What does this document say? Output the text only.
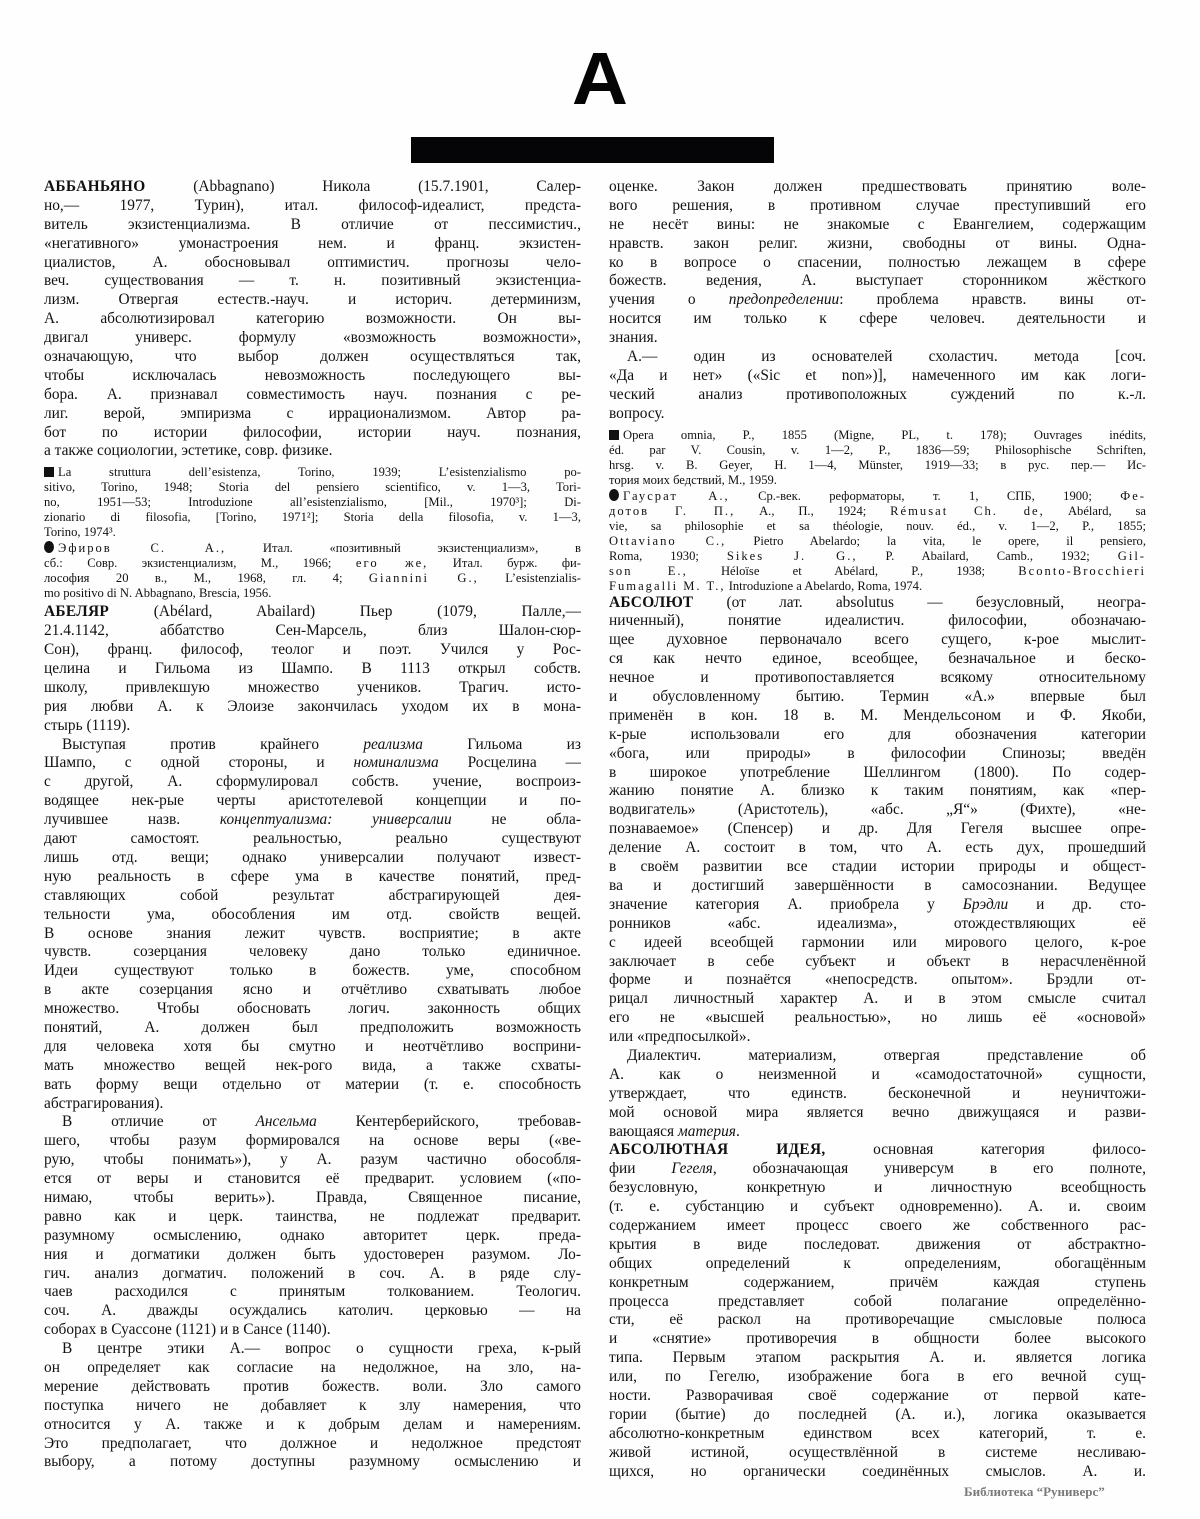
А
АББАНЬЯНО (Abbagnano) Никола (15.7.1901, Салер-
но,— 1977, Турин), итал. философ-идеалист, предста-
витель экзистенциализма. В отличие от пессимистич.,
«негативного» умонастроения нем. и франц. экзистен-
циалистов, А. обосновывал оптимистич. прогнозы чело-
веч. существования — т. н. позитивный экзистенциа-
лизм. Отвергая естеств.-науч. и историч. детерминизм,
А. абсолютизировал категорию возможности. Он вы-
двигал универс. формулу «возможность возможности»,
означающую, что выбор должен осуществляться так,
чтобы исключалась невозможность последующего вы-
бора. А. признавал совместимость науч. познания с ре-
лиг. верой, эмпиризма с иррационализмом. Автор ра-
бот по истории философии, истории науч. познания,
а также социологии, эстетике, совр. физике.
La struttura dell’esistenza, Torino, 1939; L’esistenzialismo po-
sitivo, Torino, 1948; Storia del pensiero scientifico, v. 1—3, Tori-
no, 1951—53; Introduzione all’esistenzialismo, [Mil., 1970³]; Di-
zionario di filosofia, [Torino, 1971²]; Storia della filosofia, v. 1—3,
Torino, 1974³.
Эфиров С. А., Итал. «позитивный экзистенциализм», в
сб.: Совр. экзистенциализм, М., 1966; его же, Итал. бурж. фи-
лософия 20 в., М., 1968, гл. 4; Giannini G., L’esistenzialis-
mo positivo di N. Abbagnano, Brescia, 1956.
АБЕЛЯР (Abélard, Abailard) Пьер (1079, Палле,—
21.4.1142, аббатство Сен-Марсель, близ Шалон-сюр-
Сон), франц. философ, теолог и поэт. Учился у Рос-
целина и Гильома из Шампо. В 1113 открыл собств.
школу, привлекшую множество учеников. Трагич. исто-
рия любви А. к Элоизе закончилась уходом их в мона-
стырь (1119).
Выступая против крайнего реализма Гильома из
Шампо, с одной стороны, и номинализма Росцелина —
с другой, А. сформулировал собств. учение, воспроиз-
водящее нек-рые черты аристотелевой концепции и по-
лучившее назв. концептуализма: универсалии не обла-
дают самостоят. реальностью, реально существуют
лишь отд. вещи; однако универсалии получают извест-
ную реальность в сфере ума в качестве понятий, пред-
ставляющих собой результат абстрагирующей дея-
тельности ума, обособления им отд. свойств вещей.
В основе знания лежит чувств. восприятие; в акте
чувств. созерцания человеку дано только единичное.
Идеи существуют только в божеств. уме, способном
в акте созерцания ясно и отчётливо схватывать любое
множество. Чтобы обосновать логич. законность общих
понятий, А. должен был предположить возможность
для человека хотя бы смутно и неотчётливо восприни-
мать множество вещей нек-рого вида, а также схваты-
вать форму вещи отдельно от материи (т. е. способность
абстрагирования).
В отличие от Ансельма Кентерберийского, требовав-
шего, чтобы разум формировался на основе веры («ве-
рую, чтобы понимать»), у А. разум частично обособля-
ется от веры и становится её предварит. условием («по-
нимаю, чтобы верить»). Правда, Священное писание,
равно как и церк. таинства, не подлежат предварит.
разумному осмыслению, однако авторитет церк. преда-
ния и догматики должен быть удостоверен разумом. Ло-
гич. анализ догматич. положений в соч. А. в ряде слу-
чаев расходился с принятым толкованием. Теологич.
соч. А. дважды осуждались католич. церковью — на
соборах в Суассоне (1121) и в Сансе (1140).
В центре этики А.— вопрос о сущности греха, к-рый
он определяет как согласие на недолжное, на зло, на-
мерение действовать против божеств. воли. Зло самого
поступка ничего не добавляет к злу намерения, что
относится у А. также и к добрым делам и намерениям.
Это предполагает, что должное и недолжное предстоят
выбору, а потому доступны разумному осмыслению и
оценке. Закон должен предшествовать принятию воле-
вого решения, в противном случае преступивший его
не несёт вины: не знакомые с Евангелием, содержащим
нравств. закон религ. жизни, свободны от вины. Одна-
ко в вопросе о спасении, полностью лежащем в сфере
божеств. ведения, А. выступает сторонником жёсткого
учения о предопределении: проблема нравств. вины от-
носится им только к сфере человеч. деятельности и
знания.
А.— один из основателей схоластич. метода [соч.
«Да и нет» («Sic et non»)], намеченного им как логи-
ческий анализ противоположных суждений по к.-л.
вопросу.
Opera omnia, P., 1855 (Migne, PL, t. 178); Ouvrages inédits,
éd. par V. Cousin, v. 1—2, P., 1836—59; Philosophische Schriften,
hrsg. v. B. Geyer, H. 1—4, Münster, 1919—33; в рус. пер.— Ис-
тория моих бедствий, М., 1959.
Гаусрат А., Ср.-век. реформаторы, т. 1, СПБ, 1900; Фе-
дотов Г. П., А., П., 1924; Rémusat Ch. de, Abélard, sa
vie, sa philosophie et sa théologie, nouv. éd., v. 1—2, P., 1855;
Ottaviano C., Pietro Abelardo; la vita, le opere, il pensiero,
Roma, 1930; Sikes J. G., P. Abailard, Camb., 1932; Gil-
son E., Héloïse et Abélard, P., 1938; Bconto-Brocchieri
Fumagalli M. T., Introduzione a Abelardo, Roma, 1974.
АБСОЛЮТ (от лат. absolutus — безусловный, неогра-
ниченный), понятие идеалистич. философии, обозначаю-
щее духовное первоначало всего сущего, к-рое мыслит-
ся как нечто единое, всеобщее, безначальное и беско-
нечное и противопоставляется всякому относительному
и обусловленному бытию. Термин «А.» впервые был
применён в кон. 18 в. М. Мендельсоном и Ф. Якоби,
к-рые использовали его для обозначения категории
«бога, или природы» в философии Спинозы; введён
в широкое употребление Шеллингом (1800). По содер-
жанию понятие А. близко к таким понятиям, как «пер-
водвигатель» (Аристотель), «абс. „Я“» (Фихте), «не-
познаваемое» (Спенсер) и др. Для Гегеля высшее опре-
деление А. состоит в том, что А. есть дух, прошедший
в своём развитии все стадии истории природы и общест-
ва и достигший завершённости в самосознании. Ведущее
значение категория А. приобрела у Брэдли и др. сто-
ронников «абс. идеализма», отождествляющих её
с идеей всеобщей гармонии или мирового целого, к-рое
заключает в себе субъект и объект в нерасчленённой
форме и познаётся «непосредств. опытом». Брэдли от-
рицал личностный характер А. и в этом смысле считал
его не «высшей реальностью», но лишь её «основой»
или «предпосылкой».
Диалектич. материализм, отвергая представление об
А. как о неизменной и «самодостаточной» сущности,
утверждает, что единств. бесконечной и неуничтожи-
мой основой мира является вечно движущаяся и разви-
вающаяся материя.
АБСОЛЮТНАЯ ИДЕЯ, основная категория филосо-
фии Гегеля, обозначающая универсум в его полноте,
безусловную, конкретную и личностную всеобщность
(т. е. субстанцию и субъект одновременно). А. и. своим
содержанием имеет процесс своего же собственного рас-
крытия в виде последоват. движения от абстрактно-
общих определений к определениям, обогащённым
конкретным содержанием, причём каждая ступень
процесса представляет собой полагание определённо-
сти, её раскол на противоречащие смысловые полюса
и «снятие» противоречия в общности более высокого
типа. Первым этапом раскрытия А. и. является логика
или, по Гегелю, изображение бога в его вечной сущ-
ности. Разворачивая своё содержание от первой кате-
гории (бытие) до последней (А. и.), логика оказывается
абсолютно-конкретным единством всех категорий, т. е.
живой истиной, осуществлённой в системе несливаю-
щихся, но органически соединённых смыслов. А. и.
Библиотека “Руниверс”
